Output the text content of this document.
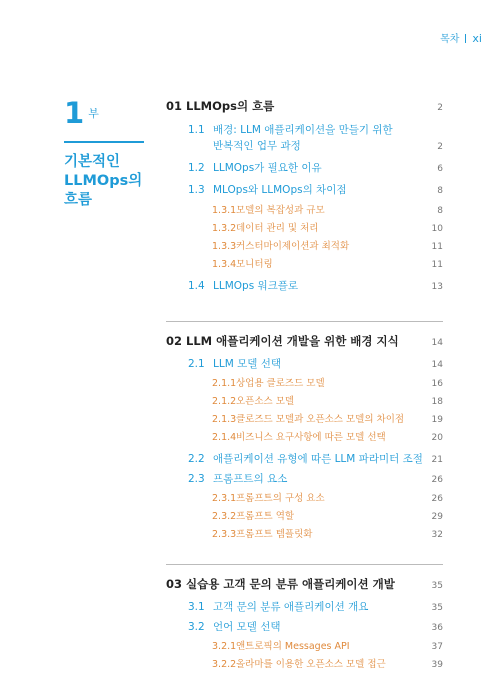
목차 xi
1 $^부$
기본적인
LLMOps의
흐름
01 LLMOps의 흐름	2
1.1 배경: LLM 애플리케이션을 만들기 위한
반복적인 업무 과정	2
1.2 LLMOps가 필요한 이유	6
1.3 MLOps와 LLMOps의 차이점	8
1.3.1 모델의 복잡성과 규모	8
1.3.2 데이터 관리 및 처리	10
1.3.3 커스터마이제이션과 최적화	11
1.3.4 모니터링	11
1.4 LLMOps 워크플로	13
02 LLM 애플리케이션 개발을 위한 배경 지식	14
2.1 LLM 모델 선택	14
2.1.1 상업용 클로즈드 모델	16
2.1.2 오픈소스 모델	18
2.1.3 클로즈드 모델과 오픈소스 모델의 차이점	19
2.1.4 비즈니스 요구사항에 따른 모델 선택	20
2.2 애플리케이션 유형에 따른 LLM 파라미터 조절 21
2.3 프롬프트의 요소	26
2.3.1 프롬프트의 구성 요소	26
2.3.2 프롬프트 역할	29
2.3.3 프롬프트 템플릿화	32
03 실습용 고객 문의 분류 애플리케이션 개발	35
3.1 고객 문의 분류 애플리케이션 개요	35
3.2 언어 모델 선택	36
3.2.1 앤트로픽의 Messages API	37
3.2.2 올라마를 이용한 오픈소스 모델 접근	39
